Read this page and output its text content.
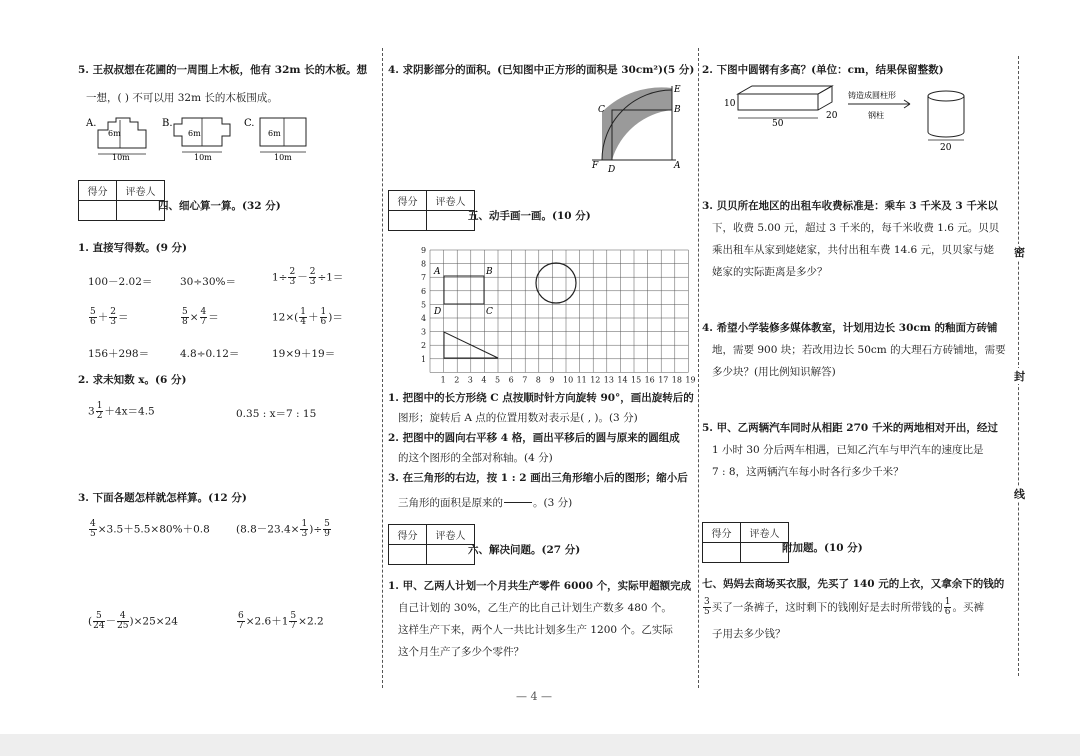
5. 王叔叔想在花圃的一周围上木板，他有 32m 长的木板。想
一想，( ) 不可以用 32m 长的木板围成。
A.
6m
10m
B.
6m
10m
C.
6m
10m
得分	评卷人

四、细心算一算。(32 分)
1. 直接写得数。(9 分)
100－2.02＝	30÷30%＝	$1\div \frac{2}{3} - \frac{2}{3} \div 1=$
$\frac{5}{6} + \frac{2}{3}$ ＝	$\frac{5}{8} \times \frac{4}{7}$ ＝	$12\times( \frac{1}{4} + \frac{1}{6}$ )＝
156＋298＝	4.8÷0.12＝	19×9＋19＝
2. 求未知数 x。(6 分)
$3 \frac{1}{2} +4x=4.5$	0.35 : x＝7 : 15
3. 下面各题怎样就怎样算。(12 分)
$\frac{4}{5} \times 3.5+5.5\times 80\%+0.8$ ($8.8-23.4\times \frac{1}{3}$ )÷ $\frac{5}{9}$
( $\frac{5}{24} - \frac{4}{25} )\times 25\times 24$	$\frac{6}{7} \times 2.6+1 \frac{5}{7} \times 2.2$
4. 求阴影部分的面积。(已知图中正方形的面积是 30cm²)(5 分)
E
B
C
F D	A
得分	评卷人

五、动手画一画。(10 分)
1 2 3 4 5 6 7 8 9 10 11 12 13 14 15 16 17 18 19
1
2
3
4
5
6
7
8
9
A	B
D	C
1. 把图中的长方形绕 C 点按顺时针方向旋转 90°，画出旋转后的
图形；旋转后 A 点的位置用数对表示是( , )。(3 分)
2. 把图中的圆向右平移 4 格，画出平移后的圆与原来的圆组成
的这个图形的全部对称轴。(4 分)
3. 在三角形的右边，按 1 : 2 画出三角形缩小后的图形；缩小后
三角形的面积是原来的	。(3 分)
得分	评卷人

六、解决问题。(27 分)
1. 甲、乙两人计划一个月共生产零件 6000 个，实际甲超额完成
自己计划的 30%，乙生产的比自己计划生产数多 480 个。
这样生产下来，两个人一共比计划多生产 1200 个。乙实际
这个月生产了多少个零件？
2. 下图中圆钢有多高？(单位：cm，结果保留整数)
10
50
20
铸造成圆柱形
钢柱
20
3. 贝贝所在地区的出租车收费标准是：乘车 3 千米及 3 千米以
下，收费 5.00 元，超过 3 千米的，每千米收费 1.6 元。贝贝
乘出租车从家到姥姥家，共付出租车费 14.6 元，贝贝家与姥
姥家的实际距离是多少？
4. 希望小学装修多媒体教室，计划用边长 30cm 的釉面方砖铺
地，需要 900 块；若改用边长 50cm 的大理石方砖铺地，需要
多少块？(用比例知识解答)
5. 甲、乙两辆汽车同时从相距 270 千米的两地相对开出，经过
1 小时 30 分后两车相遇，已知乙汽车与甲汽车的速度比是
7 : 8，这两辆汽车每小时各行多少千米？
得分	评卷人

附加题。(10 分)
七、妈妈去商场买衣服，先买了 140 元的上衣，又拿余下的钱的
$\frac{3}{5}$ 买了一条裤子，这时剩下的钱刚好是去时所带钱的 $\frac{1}{6}$ 。买裤
子用去多少钱？
密
封
线
— 4 —
